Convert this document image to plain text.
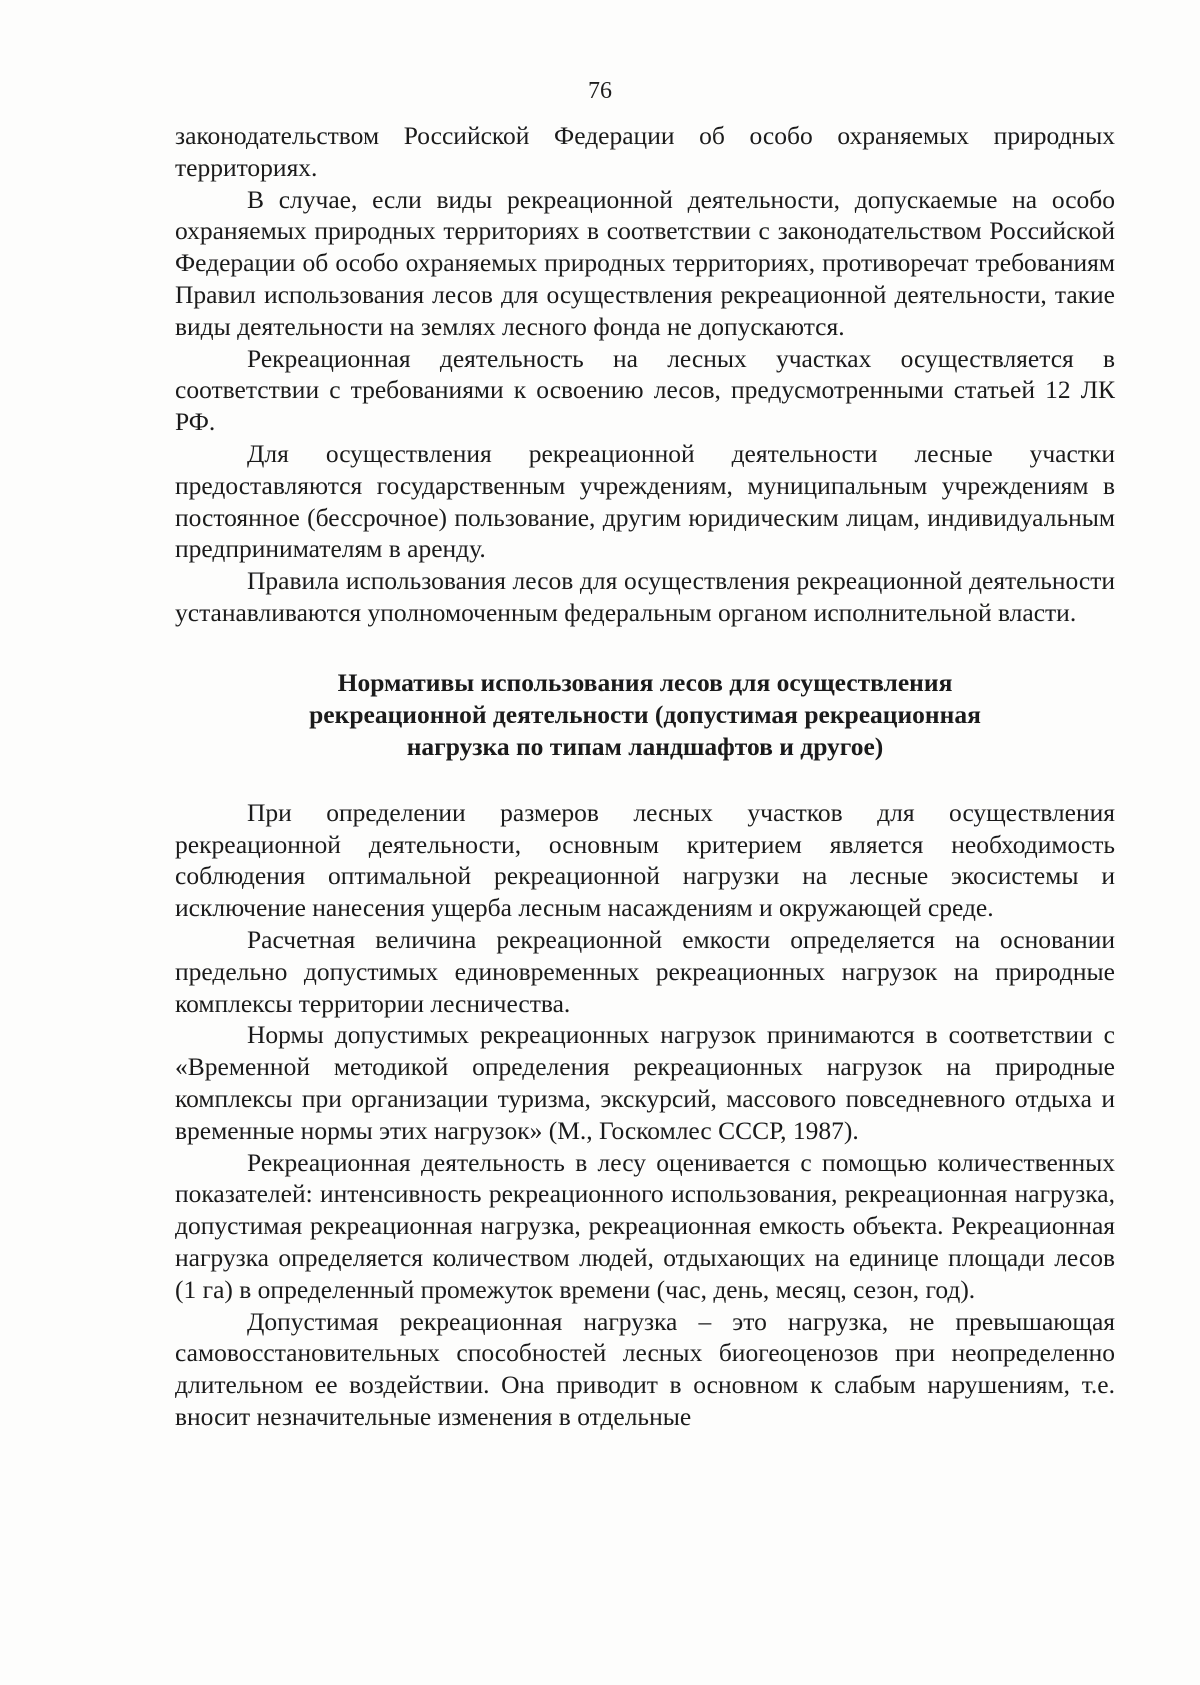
76

законодательством Российской Федерации об особо охраняемых природных территориях.

В случае, если виды рекреационной деятельности, допускаемые на особо охраняемых природных территориях в соответствии с законодательством Российской Федерации об особо охраняемых природных территориях, противоречат требованиям Правил использования лесов для осуществления рекреационной деятельности, такие виды деятельности на землях лесного фонда не допускаются.

Рекреационная деятельность на лесных участках осуществляется в соответствии с требованиями к освоению лесов, предусмотренными статьей 12 ЛК РФ.

Для осуществления рекреационной деятельности лесные участки предоставляются государственным учреждениям, муниципальным учреждениям в постоянное (бессрочное) пользование, другим юридическим лицам, индивидуальным предпринимателям в аренду.

Правила использования лесов для осуществления рекреационной деятельности устанавливаются уполномоченным федеральным органом исполнительной власти.

Нормативы использования лесов для осуществления
рекреационной деятельности (допустимая рекреационная
нагрузка по типам ландшафтов и другое)

При определении размеров лесных участков для осуществления рекреационной деятельности, основным критерием является необходимость соблюдения оптимальной рекреационной нагрузки на лесные экосистемы и исключение нанесения ущерба лесным насаждениям и окружающей среде.

Расчетная величина рекреационной емкости определяется на основании предельно допустимых единовременных рекреационных нагрузок на природные комплексы территории лесничества.

Нормы допустимых рекреационных нагрузок принимаются в соответствии с «Временной методикой определения рекреационных нагрузок на природные комплексы при организации туризма, экскурсий, массового повседневного отдыха и временные нормы этих нагрузок» (М., Госкомлес СССР, 1987).

Рекреационная деятельность в лесу оценивается с помощью количественных показателей: интенсивность рекреационного использования, рекреационная нагрузка, допустимая рекреационная нагрузка, рекреационная емкость объекта. Рекреационная нагрузка определяется количеством людей, отдыхающих на единице площади лесов (1 га) в определенный промежуток времени (час, день, месяц, сезон, год).

Допустимая рекреационная нагрузка – это нагрузка, не превышающая самовосстановительных способностей лесных биогеоценозов при неопределенно длительном ее воздействии. Она приводит в основном к слабым нарушениям, т.е. вносит незначительные изменения в отдельные
